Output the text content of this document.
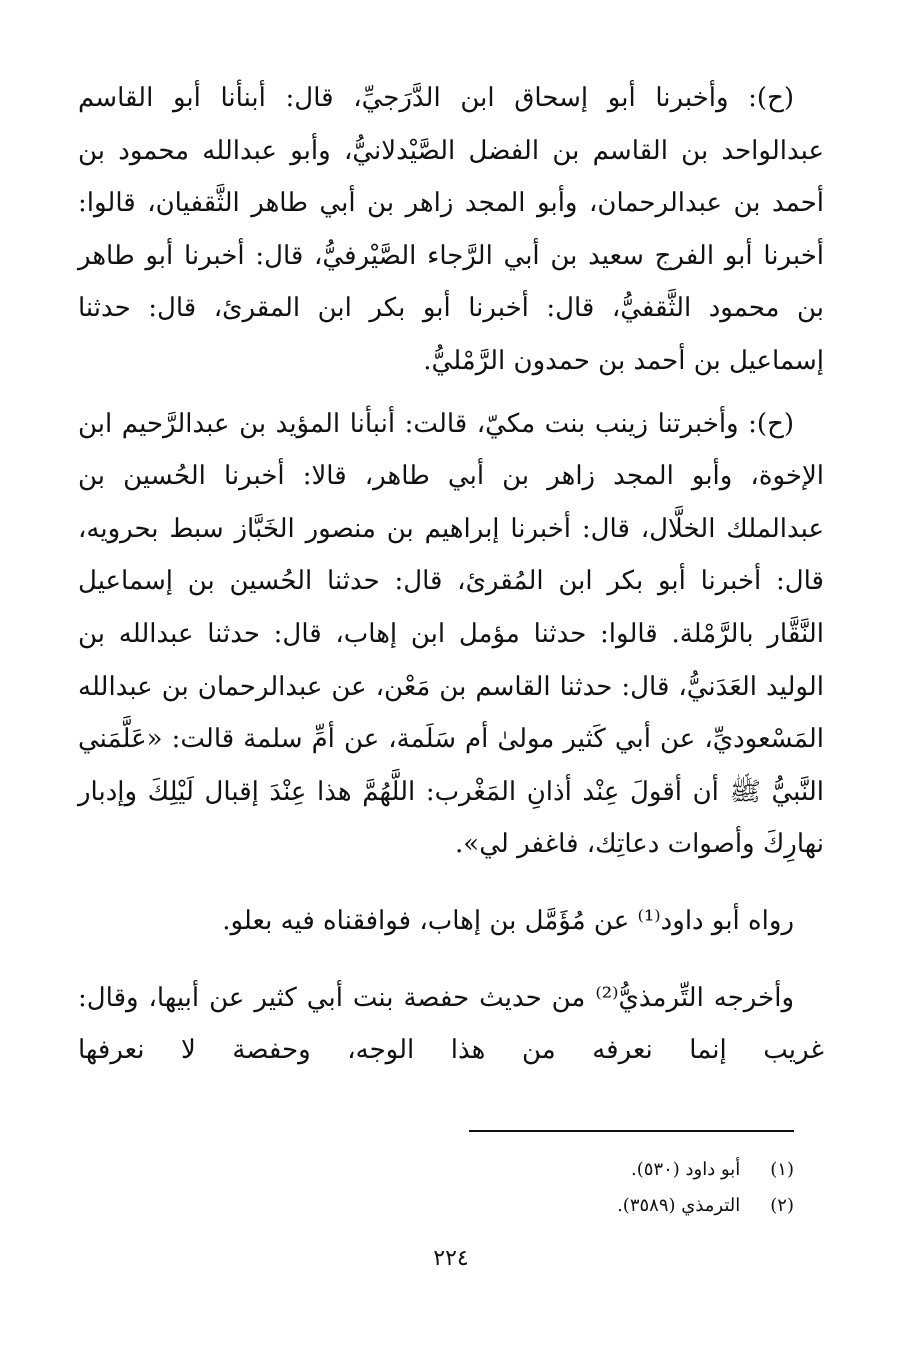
(ح): وأخبرنا أبو إسحاق ابن الدَّرَجيِّ، قال: أبنأنا أبو القاسم عبدالواحد بن القاسم بن الفضل الصَّيْدلانيُّ، وأبو عبدالله محمود بن أحمد بن عبدالرحمان، وأبو المجد زاهر بن أبي طاهر الثَّقفيان، قالوا: أخبرنا أبو الفرج سعيد بن أبي الرَّجاء الصَّيْرفيُّ، قال: أخبرنا أبو طاهر بن محمود الثَّقفيُّ، قال: أخبرنا أبو بكر ابن المقرئ، قال: حدثنا إسماعيل بن أحمد بن حمدون الرَّمْليُّ.

(ح): وأخبرتنا زينب بنت مكيّ، قالت: أنبأنا المؤيد بن عبدالرَّحيم ابن الإخوة، وأبو المجد زاهر بن أبي طاهر، قالا: أخبرنا الحُسين بن عبدالملك الخلَّال، قال: أخبرنا إبراهيم بن منصور الخَبَّاز سبط بحرويه، قال: أخبرنا أبو بكر ابن المُقرئ، قال: حدثنا الحُسين بن إسماعيل النَّقَّار بالرَّمْلة. قالوا: حدثنا مؤمل ابن إهاب، قال: حدثنا عبدالله بن الوليد العَدَنيُّ، قال: حدثنا القاسم بن مَعْن، عن عبدالرحمان بن عبدالله المَسْعوديِّ، عن أبي كَثير مولىٰ أم سَلَمة، عن أمِّ سلمة قالت: «عَلَّمَني النَّبيُّ ﷺ أن أقولَ عِنْد أذانِ المَغْرب: اللَّهُمَّ هذا عِنْدَ إقبال لَيْلِكَ وإدبار نهارِكَ وأصوات دعاتِك، فاغفر لي».

رواه أبو داود⁽¹⁾ عن مُؤَمَّل بن إهاب، فوافقناه فيه بعلو.

وأخرجه التِّرمذيُّ⁽²⁾ من حديث حفصة بنت أبي كثير عن أبيها، وقال: غريب إنما نعرفه من هذا الوجه، وحفصة لا نعرفها

(١) أبو داود (٥٣٠).
(٢) الترمذي (٣٥٨٩).
٢٢٤
